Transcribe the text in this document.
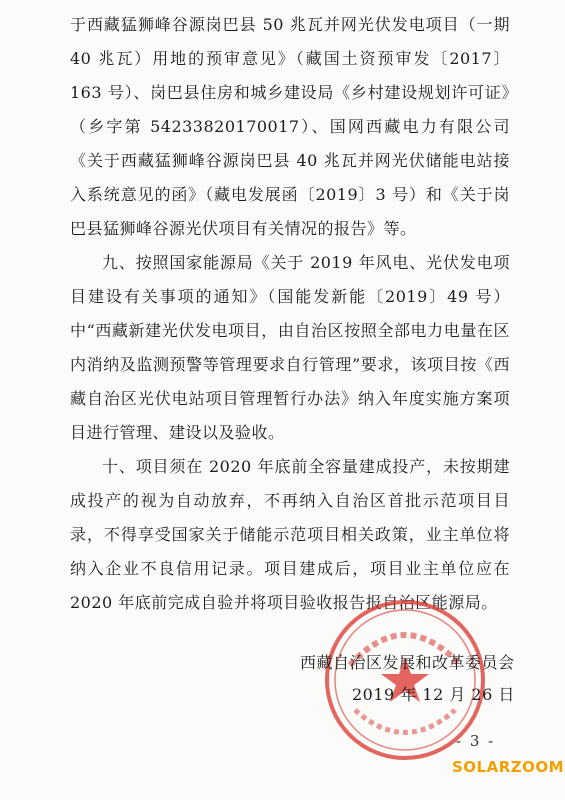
于西藏猛狮峰谷源岗巴县 50 兆瓦并网光伏发电项目（一期 40 兆瓦）用地的预审意见》（藏国土资预审发〔2017〕163 号）、岗巴县住房和城乡建设局《乡村建设规划许可证》（乡字第 54233820170017）、国网西藏电力有限公司《关于西藏猛狮峰谷源岗巴县 40 兆瓦并网光伏储能电站接入系统意见的函》（藏电发展函〔2019〕3 号）和《关于岗巴县猛狮峰谷源光伏项目有关情况的报告》等。

九、按照国家能源局《关于 2019 年风电、光伏发电项目建设有关事项的通知》（国能发新能〔2019〕49 号）中“西藏新建光伏发电项目，由自治区按照全部电力电量在区内消纳及监测预警等管理要求自行管理”要求，该项目按《西藏自治区光伏电站项目管理暂行办法》纳入年度实施方案项目进行管理、建设以及验收。

十、项目须在 2020 年底前全容量建成投产，未按期建成投产的视为自动放弃，不再纳入自治区首批示范项目目录，不得享受国家关于储能示范项目相关政策，业主单位将纳入企业不良信用记录。项目建成后，项目业主单位应在 2020 年底前完成自验并将项目验收报告报自治区能源局。

西藏自治区发展和改革委员会
2019 年 12 月 26 日
- 3 -
SOLARZOOM
